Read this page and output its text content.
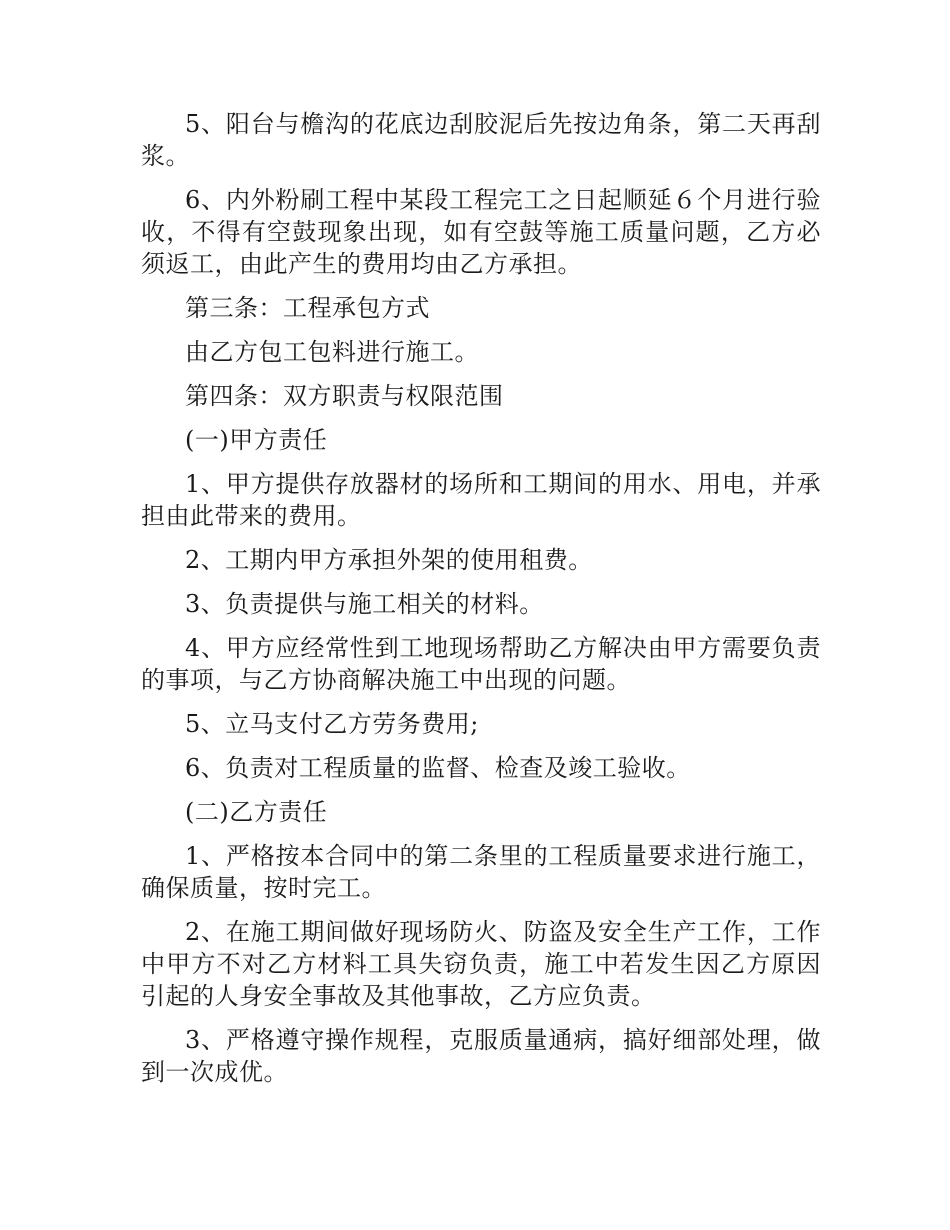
5、阳台与檐沟的花底边刮胶泥后先按边角条，第二天再刮浆。

6、内外粉刷工程中某段工程完工之日起顺延６个月进行验收，不得有空鼓现象出现，如有空鼓等施工质量问题，乙方必须返工，由此产生的费用均由乙方承担。

第三条：工程承包方式

由乙方包工包料进行施工。

第四条：双方职责与权限范围

(一)甲方责任

1、甲方提供存放器材的场所和工期间的用水、用电，并承担由此带来的费用。

2、工期内甲方承担外架的使用租费。

3、负责提供与施工相关的材料。

4、甲方应经常性到工地现场帮助乙方解决由甲方需要负责的事项，与乙方协商解决施工中出现的问题。

5、立马支付乙方劳务费用;

6、负责对工程质量的监督、检查及竣工验收。

(二)乙方责任

1、严格按本合同中的第二条里的工程质量要求进行施工，确保质量，按时完工。

2、在施工期间做好现场防火、防盗及安全生产工作，工作中甲方不对乙方材料工具失窃负责，施工中若发生因乙方原因引起的人身安全事故及其他事故，乙方应负责。

3、严格遵守操作规程，克服质量通病，搞好细部处理，做到一次成优。
